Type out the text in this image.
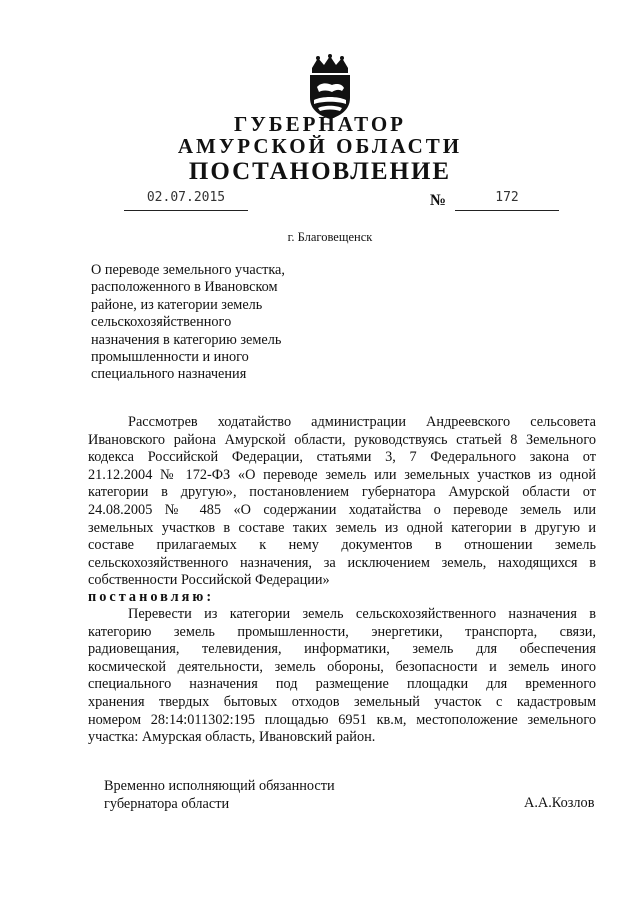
ГУБЕРНАТОР
АМУРСКОЙ ОБЛАСТИ
ПОСТАНОВЛЕНИЕ
02.07.2015	№	172
г. Благовещенск
О переводе земельного участка,
расположенного в Ивановском
районе, из категории земель
сельскохозяйственного
назначения в категорию земель
промышленности и иного
специального назначения
Рассмотрев ходатайство администрации Андреевского сельсовета
Ивановского района Амурской области, руководствуясь статьей 8 Земельного
кодекса Российской Федерации, статьями 3, 7 Федерального закона от
21.12.2004 № 172-ФЗ «О переводе земель или земельных участков из одной
категории в другую», постановлением губернатора Амурской области от
24.08.2005 № 485 «О содержании ходатайства о переводе земель или
земельных участков в составе таких земель из одной категории в другую и
составе прилагаемых к нему документов в отношении земель
сельскохозяйственного назначения, за исключением земель, находящихся в
собственности Российской Федерации»
постановляю:
Перевести из категории земель сельскохозяйственного назначения в
категорию земель промышленности, энергетики, транспорта, связи,
радиовещания, телевидения, информатики, земель для обеспечения
космической деятельности, земель обороны, безопасности и земель иного
специального назначения под размещение площадки для временного
хранения твердых бытовых отходов земельный участок с кадастровым
номером 28:14:011302:195 площадью 6951 кв.м, местоположение земельного
участка: Амурская область, Ивановский район.
Временно исполняющий обязанности
губернатора области	А.А.Козлов
